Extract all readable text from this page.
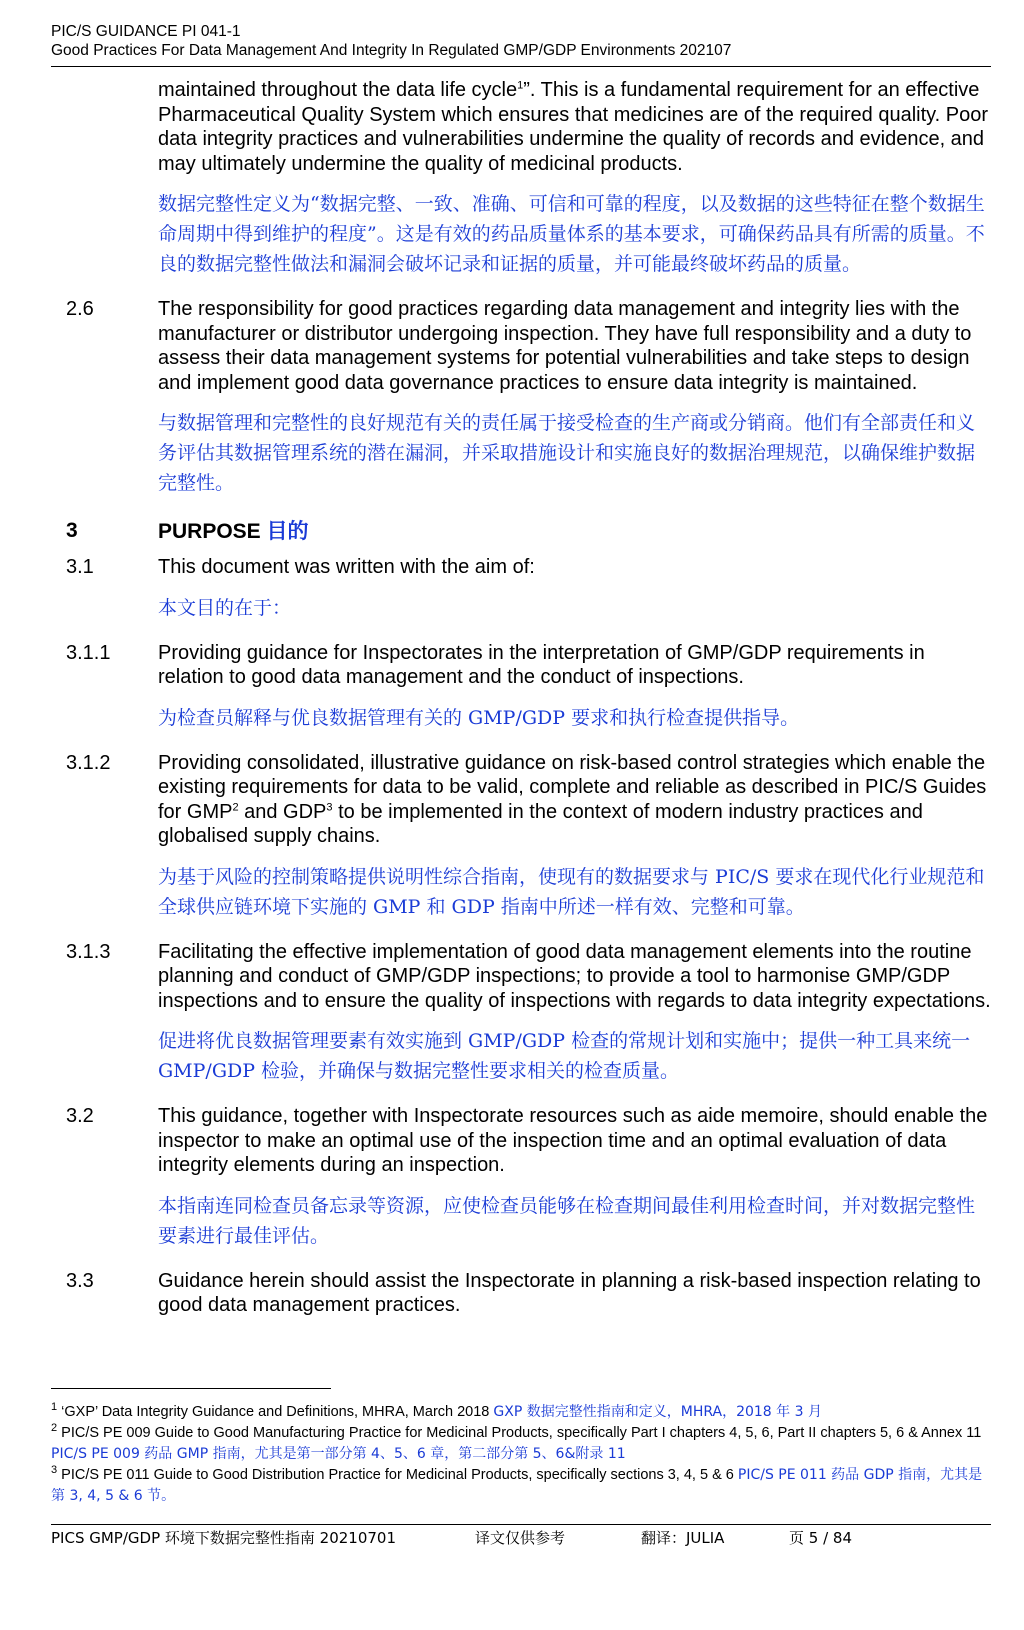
PIC/S GUIDANCE PI 041-1
Good Practices For Data Management And Integrity In Regulated GMP/GDP Environments 202107

maintained throughout the data life cycle$^1$”. This is a fundamental requirement for an effective Pharmaceutical Quality System which ensures that medicines are of the required quality. Poor data integrity practices and vulnerabilities undermine the quality of records and evidence, and may ultimately undermine the quality of medicinal products.

数据完整性定义为“数据完整、一致、准确、可信和可靠的程度，以及数据的这些特征在整个数据生命周期中得到维护的程度”。这是有效的药品质量体系的基本要求，可确保药品具有所需的质量。不良的数据完整性做法和漏洞会破坏记录和证据的质量，并可能最终破坏药品的质量。

2.6	The responsibility for good practices regarding data management and integrity lies with the manufacturer or distributor undergoing inspection. They have full responsibility and a duty to assess their data management systems for potential vulnerabilities and take steps to design and implement good data governance practices to ensure data integrity is maintained.

与数据管理和完整性的良好规范有关的责任属于接受检查的生产商或分销商。他们有全部责任和义务评估其数据管理系统的潜在漏洞，并采取措施设计和实施良好的数据治理规范，以确保维护数据完整性。

3	PURPOSE 目的
3.1	This document was written with the aim of:

本文目的在于：

3.1.1	Providing guidance for Inspectorates in the interpretation of GMP/GDP requirements in relation to good data management and the conduct of inspections.

为检查员解释与优良数据管理有关的 GMP/GDP 要求和执行检查提供指导。

3.1.2	Providing consolidated, illustrative guidance on risk-based control strategies which enable the existing requirements for data to be valid, complete and reliable as described in PIC/S Guides for GMP$^2$ and GDP$^3$ to be implemented in the context of modern industry practices and globalised supply chains.

为基于风险的控制策略提供说明性综合指南，使现有的数据要求与 PIC/S 要求在现代化行业规范和全球供应链环境下实施的 GMP 和 GDP 指南中所述一样有效、完整和可靠。

3.1.3	Facilitating the effective implementation of good data management elements into the routine planning and conduct of GMP/GDP inspections; to provide a tool to harmonise GMP/GDP inspections and to ensure the quality of inspections with regards to data integrity expectations.

促进将优良数据管理要素有效实施到 GMP/GDP 检查的常规计划和实施中；提供一种工具来统一 GMP/GDP 检验，并确保与数据完整性要求相关的检查质量。

3.2	This guidance, together with Inspectorate resources such as aide memoire, should enable the inspector to make an optimal use of the inspection time and an optimal evaluation of data integrity elements during an inspection.

本指南连同检查员备忘录等资源，应使检查员能够在检查期间最佳利用检查时间，并对数据完整性要素进行最佳评估。

3.3	Guidance herein should assist the Inspectorate in planning a risk-based inspection relating to good data management practices.

$^1$ ‘GXP’ Data Integrity Guidance and Definitions, MHRA, March 2018 GXP 数据完整性指南和定义，MHRA，2018 年 3 月
$^2$ PIC/S PE 009 Guide to Good Manufacturing Practice for Medicinal Products, specifically Part I chapters 4, 5, 6, Part II chapters 5, 6 & Annex 11 PIC/S PE 009 药品 GMP 指南，尤其是第一部分第 4、5、6 章，第二部分第 5、6&附录 11
$^3$ PIC/S PE 011 Guide to Good Distribution Practice for Medicinal Products, specifically sections 3, 4, 5 & 6 PIC/S PE 011 药品 GDP 指南，尤其是第 3, 4, 5 & 6 节。
PICS GMP/GDP 环境下数据完整性指南 20210701	译文仅供参考	翻译：JULIA	页 5 / 84
